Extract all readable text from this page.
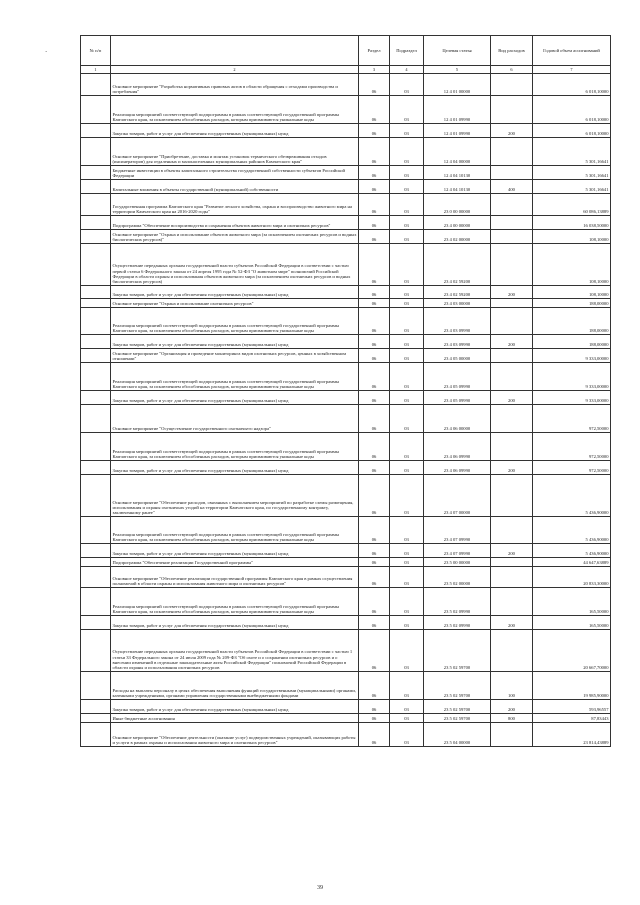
`	№ п/п		Раздел	Подраздел	Целевая статья	Вид расходов	Годовой объем ассигнований
1	2	3	4	5	6	7
	Основное мероприятие "Разработка нормативных правовых актов в области обращения с отходами производства и потребления"	06	03	12 4 01 00000		6 018,10000
	Реализация мероприятий соответствующей подпрограммы в рамках соответствующей государственной программы Камчатского края, за исключением обособленных расходов, которым присваиваются уникальные коды	06	03	12 4 01 09990		6 018,10000
	Закупка товаров, работ и услуг для обеспечения государственных (муниципальных) нужд	06	03	12 4 01 09990	200	6 018,10000
	Основное мероприятие "Приобретение, доставка и монтаж установок термического обезвреживания отходов (инсинераторов) для отдаленных и малонаселенных муниципальных районов Камчатского края"	06	03	12 4 04 00000		5 301,16641
	Бюджетные инвестиции в объекты капитального строительства государственной собственности субъектов Российской Федерации	06	03	12 4 04 10130		5 301,16641
	Капитальные вложения в объекты государственной (муниципальной) собственности	06	03	12 4 04 10130	400	5 301,16641
	Государственная программа Камчатского края "Развитие лесного хозяйства, охрана и воспроизводство животного мира на территории Камчатского края на 2016-2020 годы"	06	03	23 0 00 00000		60 086,13889
	Подпрограмма "Обеспечение воспроизводства и сохранения объектов животного мира и охотничьих ресурсов"	06	03	23 4 00 00000		16 038,50000
	Основное мероприятие "Охрана и использование объектов животного мира (за исключением охотничьих ресурсов и водных биологических ресурсов)"	06	03	23 4 02 00000		108,10000
	Осуществление переданных органам государственной власти субъектов Российской Федерации в соответствии с частью первой статьи 6 Федерального закона от 24 апреля 1995 года № 52-ФЗ "О животном мире" полномочий Российской Федерации в области охраны и использования объектов животного мира (за исключением охотничьих ресурсов и водных биологических ресурсов)	06	03	23 4 02 59200		108,10000
	Закупка товаров, работ и услуг для обеспечения государственных (муниципальных) нужд	06	03	23 4 02 59200	200	108,10000
	Основное мероприятие "Охрана и использование охотничьих ресурсов"	06	03	23 4 03 00000		188,00000
	Реализация мероприятий соответствующей подпрограммы в рамках соответствующей государственной программы Камчатского края, за исключением обособленных расходов, которым присваиваются уникальные коды	06	03	23 4 03 09990		188,00000
	Закупка товаров, работ и услуг для обеспечения государственных (муниципальных) нужд	06	03	23 4 03 09990	200	188,00000
	Основное мероприятие "Организация и проведение мониторинга видов охотничьих ресурсов, ценных в хозяйственном отношении"	06	03	23 4 05 00000		9 333,00000
	Реализация мероприятий соответствующей подпрограммы в рамках соответствующей государственной программы Камчатского края, за исключением обособленных расходов, которым присваиваются уникальные коды	06	03	23 4 05 09990		9 333,00000
	Закупка товаров, работ и услуг для обеспечения государственных (муниципальных) нужд	06	03	23 4 05 09990	200	9 333,00000
	Основное мероприятие "Осуществление государственного охотничьего надзора"	06	03	23 4 06 00000		972,50000
	Реализация мероприятий соответствующей подпрограммы в рамках соответствующей государственной программы Камчатского края, за исключением обособленных расходов, которым присваиваются уникальные коды	06	03	23 4 06 09990		972,50000
	Закупка товаров, работ и услуг для обеспечения государственных (муниципальных) нужд	06	03	23 4 06 09990	200	972,50000
	Основное мероприятие "Обеспечение расходов, связанных с выполнением мероприятий по разработке схемы размещения, использования и охраны охотничьих угодий на территории Камчатского края, по государственному контракту, заключенному ранее"	06	03	23 4 07 00000		5 436,90000
	Реализация мероприятий соответствующей подпрограммы в рамках соответствующей государственной программы Камчатского края, за исключением обособленных расходов, которым присваиваются уникальные коды	06	03	23 4 07 09990		5 436,90000
	Закупка товаров, работ и услуг для обеспечения государственных (муниципальных) нужд	06	03	23 4 07 09990	200	5 436,90000
	Подпрограмма "Обеспечение реализации Государственной программы"	06	03	23 5 00 00000		44 647,63889
	Основное мероприятие "Обеспечение реализации государственной программы Камчатского края в рамках осуществления полномочий в области охраны и использования животного мира и охотничьих ресурсов"	06	03	23 5 02 00000		20 833,30000
	Реализация мероприятий соответствующей подпрограммы в рамках соответствующей государственной программы Камчатского края, за исключением обособленных расходов, которым присваиваются уникальные коды	06	03	23 5 02 09990		165,50000
	Закупка товаров, работ и услуг для обеспечения государственных (муниципальных) нужд	06	03	23 5 02 09990	200	165,50000
	Осуществление переданных органам государственной власти субъектов Российской Федерации в соответствии с частью 1 статьи 33 Федерального закона от 24 июля 2009 года № 209-ФЗ "Об охоте и о сохранении охотничьих ресурсов и о внесении изменений в отдельные законодательные акты Российской Федерации" полномочий Российской Федерации в области охраны и использования охотничьих ресурсов	06	03	23 5 02 59700		20 667,70000
	Расходы на выплаты персоналу в целях обеспечения выполнения функций государственными (муниципальными) органами, казенными учреждениями, органами управления государственными внебюджетными фондами	06	03	23 5 02 59700	100	19 985,90000
	Закупка товаров, работ и услуг для обеспечения государственных (муниципальных) нужд	06	03	23 5 02 59700	200	593,96557
	Иные бюджетные ассигнования	06	03	23 5 02 59700	800	87,83443
	Основное мероприятие "Обеспечение деятельности (оказание услуг) подведомственных учреждений, оказывающих работы и услуги в рамках охраны и использования животного мира и охотничьих ресурсов"	06	03	23 5 04 00000		23 814,43889
39
